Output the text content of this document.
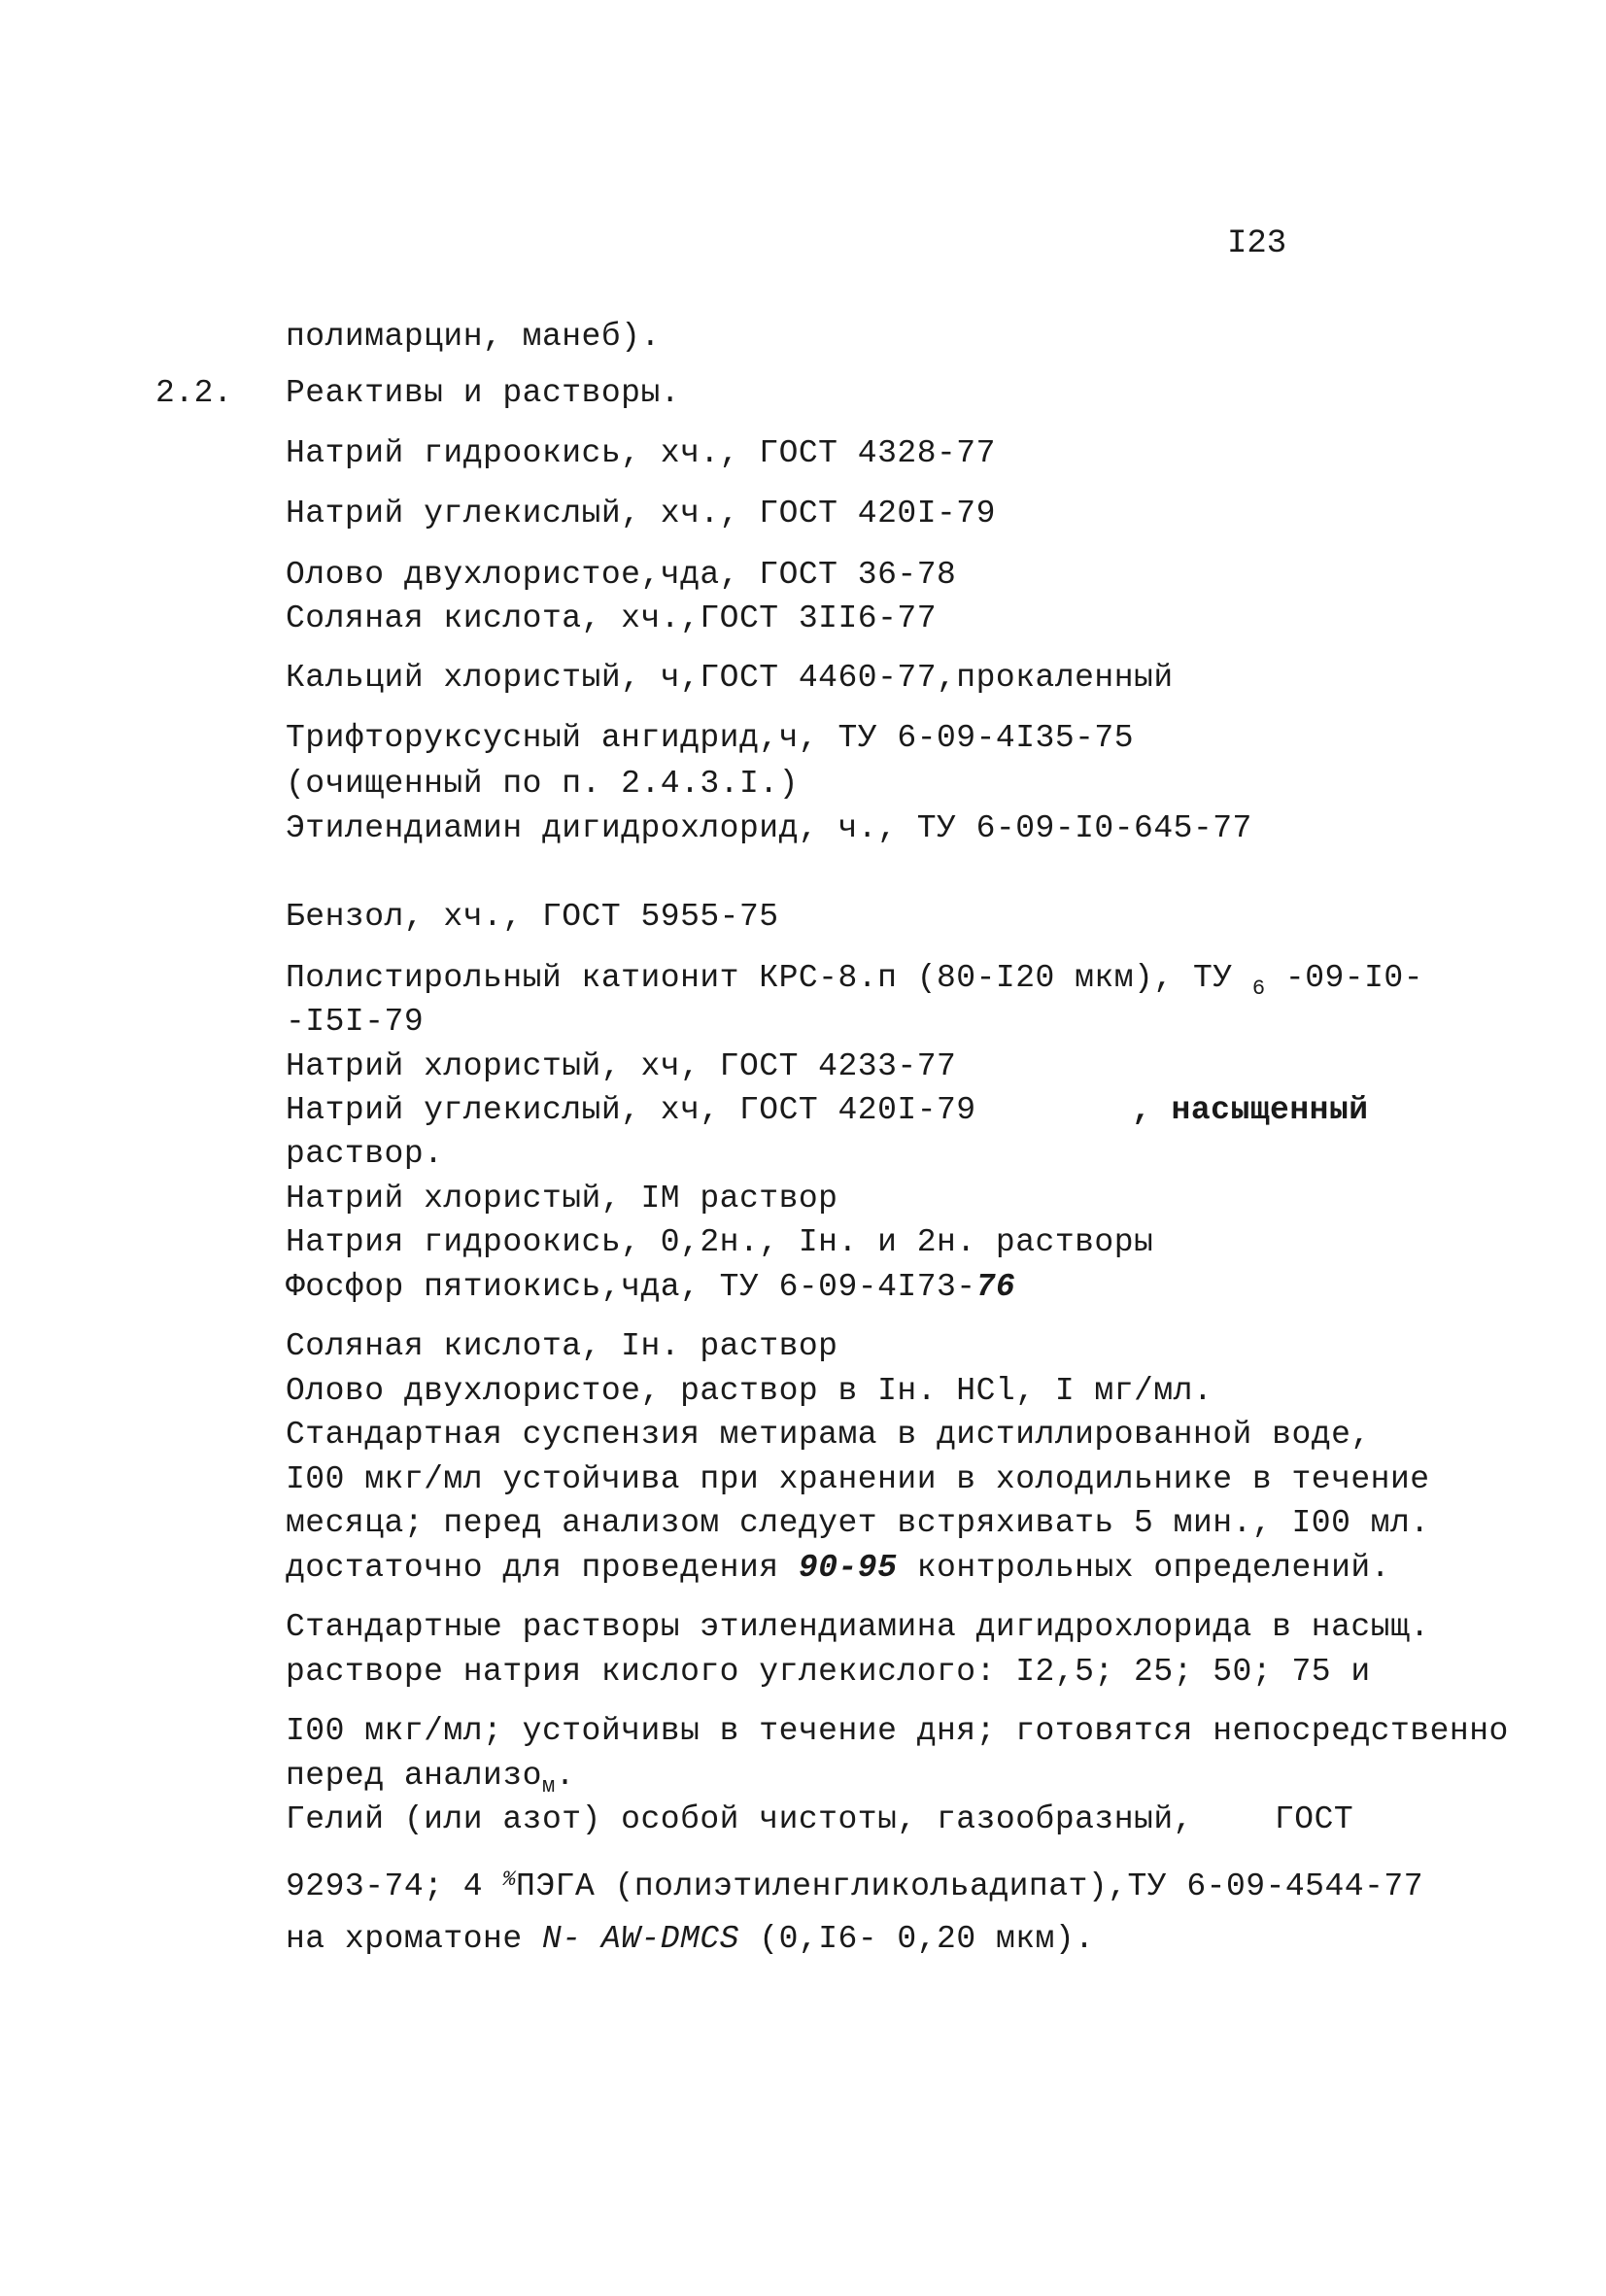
I23
полимарцин, манеб).
2.2. Реактивы и растворы.
Натрий гидроокись, хч., ГОСТ 4328-77
Натрий углекислый, хч., ГОСТ 420I-79
Олово двухлористое,чда, ГОСТ 36-78
Соляная кислота, хч.,ГОСТ 3II6-77
Кальций хлористый, ч,ГОСТ 4460-77,прокаленный
Трифторуксусный ангидрид,ч, ТУ 6-09-4I35-75
(очищенный по п. 2.4.3.I.)
Этилендиамин дигидрохлорид, ч., ТУ 6-09-I0-645-77
Бензол, хч., ГОСТ 5955-75
Полистирольный катионит КРС-8.п (80-I20 мкм), ТУ $_6$ -09-I0-
-I5I-79
Натрий хлористый, хч, ГОСТ 4233-77
Натрий углекислый, хч, ГОСТ 420I-79	, насыщенный
раствор.
Натрий хлористый, IМ раствор
Натрия гидроокись, 0,2н., Iн. и 2н. растворы
Фосфор пятиокись,чда, ТУ 6-09-4I73-76
Соляная кислота, Iн. раствор
Олово двухлористое, раствор в Iн. HCl, I мг/мл.
Стандартная суспензия метирама в дистиллированной воде,
I00 мкг/мл устойчива при хранении в холодильнике в течение
месяца; перед анализом следует встряхивать 5 мин., I00 мл.
достаточно для проведения 90-95 контрольных определений.
Стандартные растворы этилендиамина дигидрохлорида в насыщ.
растворе натрия кислого углекислого: I2,5; 25; 50; 75 и
I00 мкг/мл; устойчивы в течение дня; готовятся непосредственно
перед анализо$_м$.
Гелий (или азот) особой чистоты, газообразный,	ГОСТ
9293-74; 4 %ПЭГА (полиэтиленгликольадипат),ТУ 6-09-4544-77
на хроматоне N- AW-DMCS (0,I6- 0,20 мкм).
